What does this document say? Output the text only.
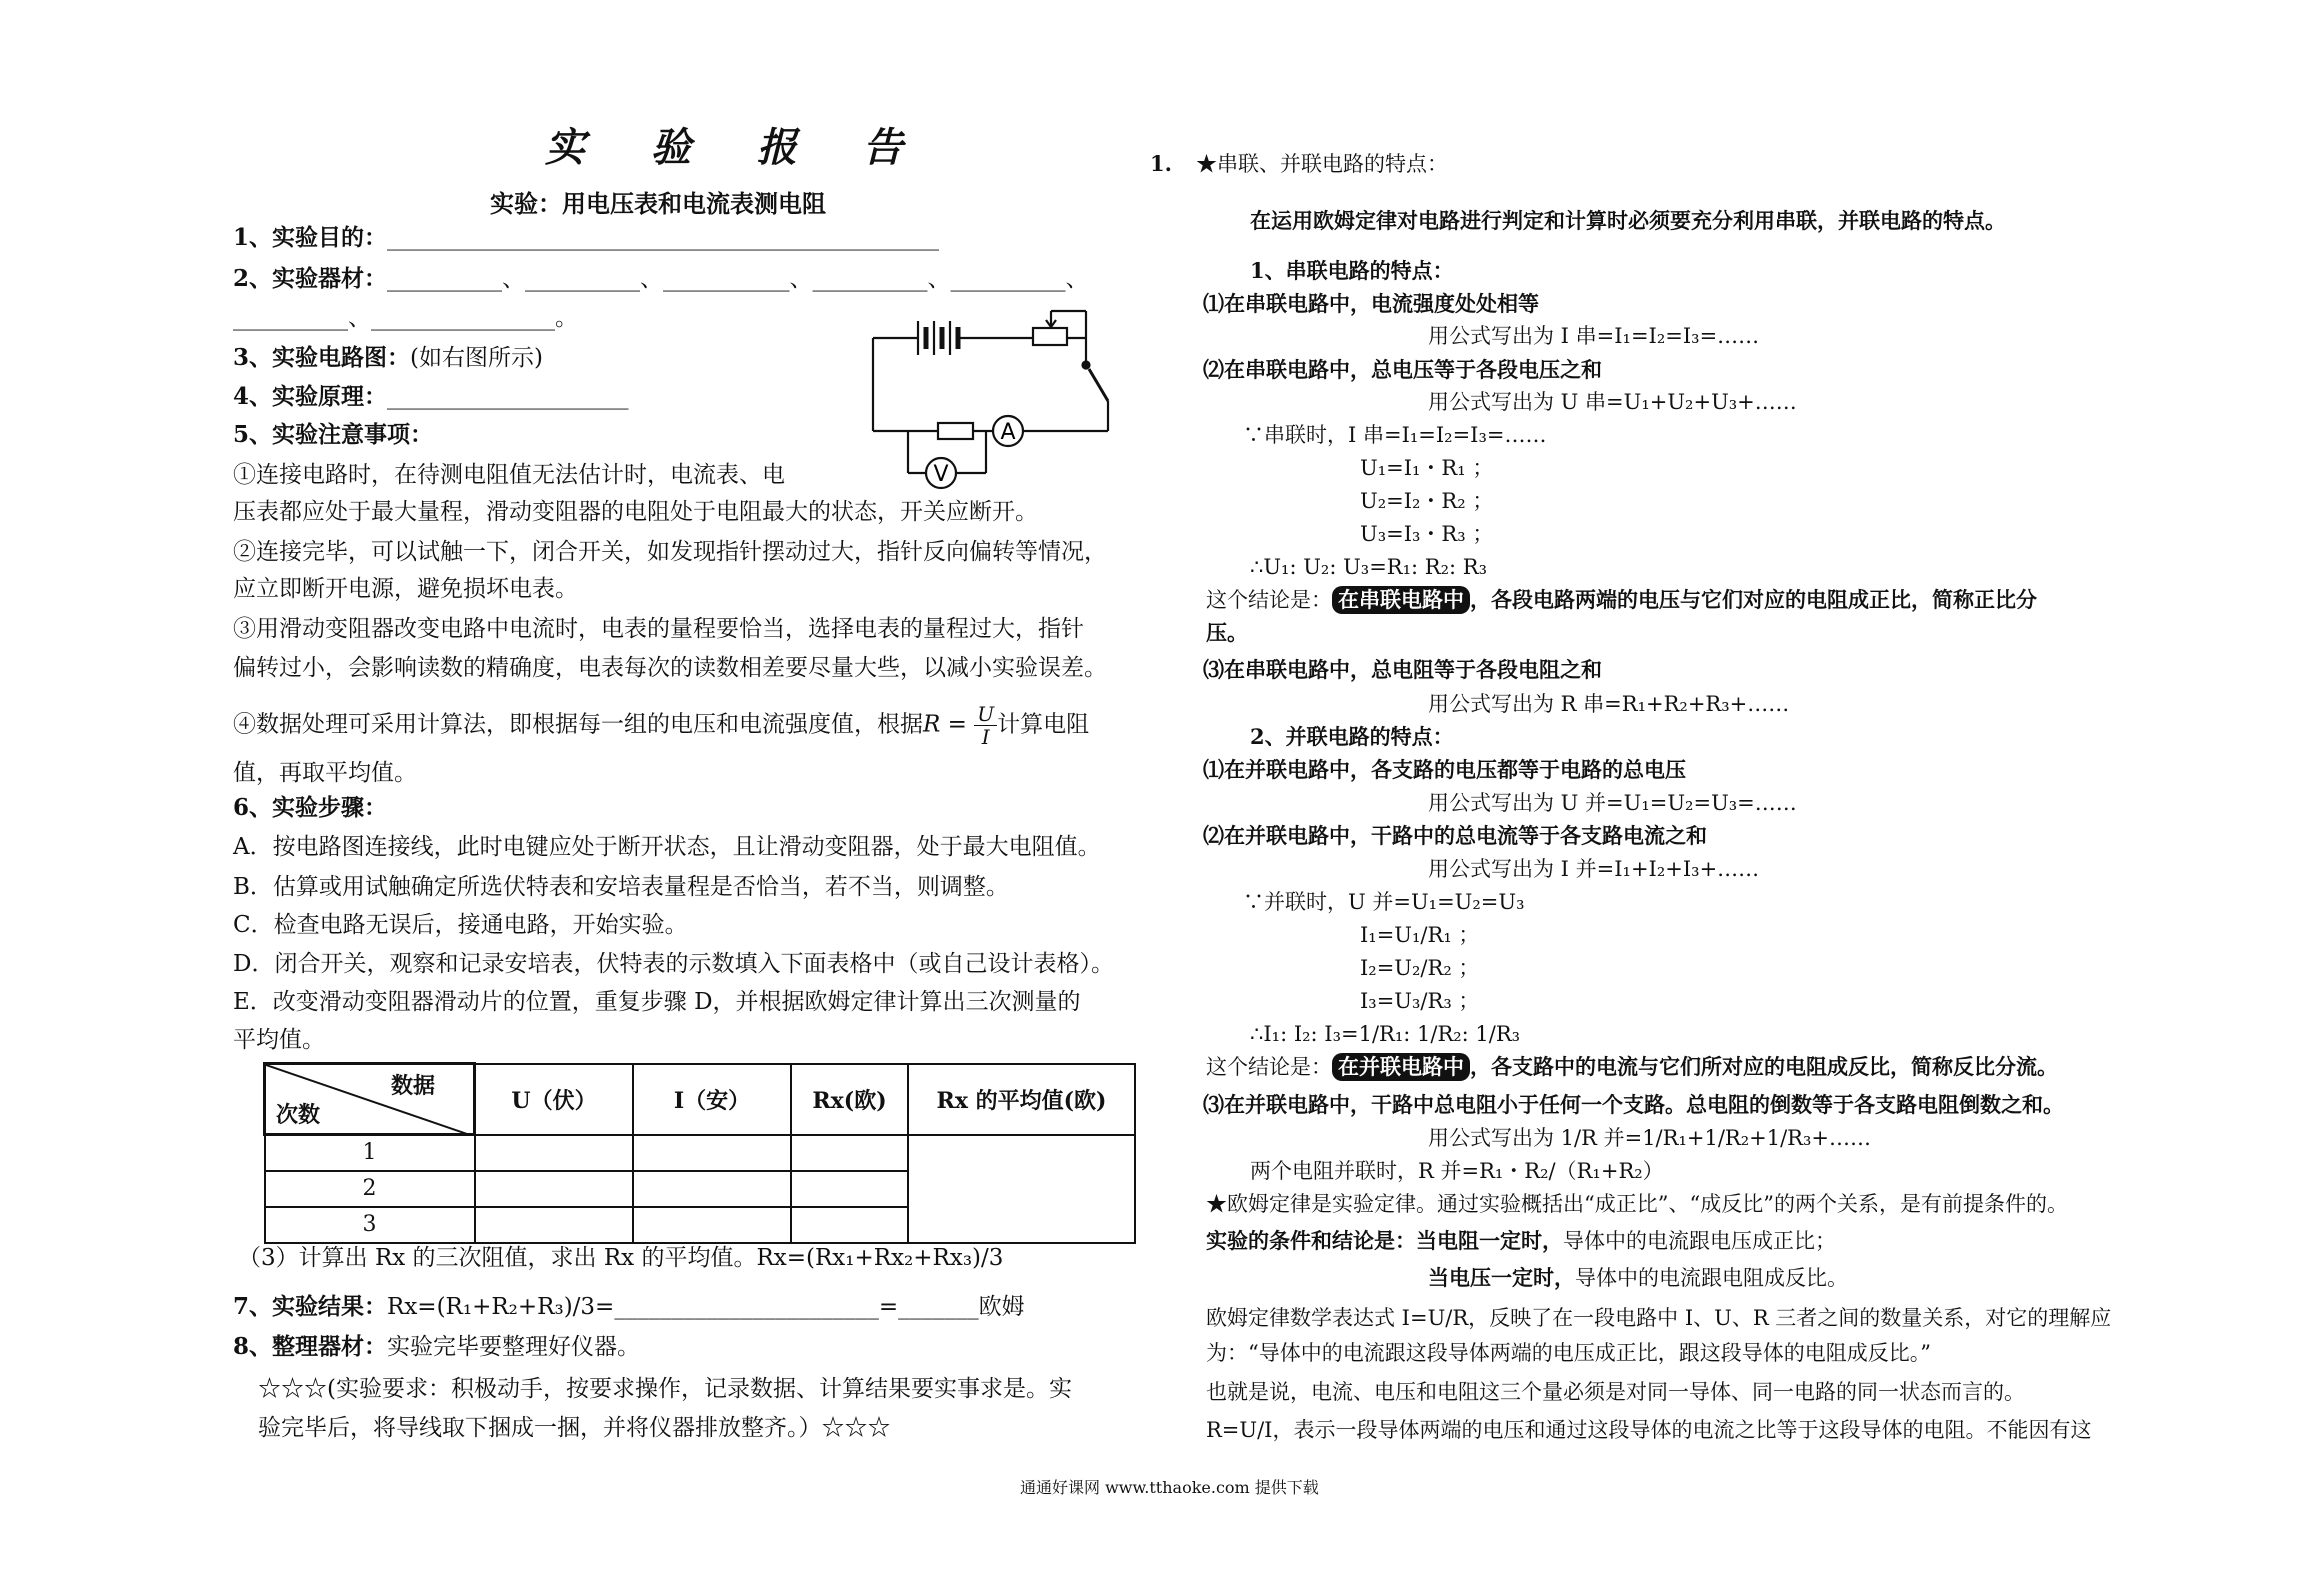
实 验 报 告
实验：用电压表和电流表测电阻
1、实验目的：________________________________________________
2、实验器材：__________、__________、___________、__________、__________、
__________、________________。
3、实验电路图：(如右图所示)
4、实验原理：_____________________
5、实验注意事项：	A
V
①连接电路时，在待测电阻值无法估计时，电流表、电
压表都应处于最大量程，滑动变阻器的电阻处于电阻最大的状态，开关应断开。
②连接完毕，可以试触一下，闭合开关，如发现指针摆动过大，指针反向偏转等情况，
应立即断开电源，避免损坏电表。
③用滑动变阻器改变电路中电流时，电表的量程要恰当，选择电表的量程过大，指针
偏转过小，会影响读数的精确度，电表每次的读数相差要尽量大些，以减小实验误差。
④数据处理可采用计算法，即根据每一组的电压和电流强度值，根据$R = \frac{U}{I}$ 计算电阻
值，再取平均值。
6、实验步骤：
A．按电路图连接线，此时电键应处于断开状态，且让滑动变阻器，处于最大电阻值。
B．估算或用试触确定所选伏特表和安培表量程是否恰当，若不当，则调整。
C．检查电路无误后，接通电路，开始实验。
D．闭合开关，观察和记录安培表，伏特表的示数填入下面表格中（或自己设计表格）。
E．改变滑动变阻器滑动片的位置，重复步骤 D，并根据欧姆定律计算出三次测量的
平均值。
数据
次数	U（伏）	I（安）	Rx(欧)	Rx 的平均值(欧)
1				
2				
3				
（3）计算出 Rx 的三次阻值，求出 Rx 的平均值。Rx=(Rx₁+Rx₂+Rx₃)/3
7、实验结果：Rx=(R₁+R₂+R₃)/3=_______________________=_______欧姆
8、整理器材：实验完毕要整理好仪器。
☆☆☆(实验要求：积极动手，按要求操作，记录数据、计算结果要实事求是。实
验完毕后，将导线取下捆成一捆，并将仪器排放整齐。）☆☆☆
1. ★串联、并联电路的特点：
在运用欧姆定律对电路进行判定和计算时必须要充分利用串联，并联电路的特点。
1、串联电路的特点：
⑴在串联电路中，电流强度处处相等
用公式写出为 I 串=I₁=I₂=I₃=……
⑵在串联电路中，总电压等于各段电压之和
用公式写出为 U 串=U₁+U₂+U₃+……
∵串联时，I 串=I₁=I₂=I₃=……
U₁=I₁・R₁ ；
U₂=I₂・R₂ ；
U₃=I₃・R₃ ；
∴U₁: U₂: U₃=R₁: R₂: R₃
这个结论是： 在串联电路中 ，各段电路两端的电压与它们对应的电阻成正比，简称正比分
压。
⑶在串联电路中，总电阻等于各段电阻之和
用公式写出为 R 串=R₁+R₂+R₃+……
2、并联电路的特点：
⑴在并联电路中，各支路的电压都等于电路的总电压
用公式写出为 U 并=U₁=U₂=U₃=……
⑵在并联电路中，干路中的总电流等于各支路电流之和
用公式写出为 I 并=I₁+I₂+I₃+……
∵并联时，U 并=U₁=U₂=U₃
I₁=U₁/R₁ ；
I₂=U₂/R₂ ；
I₃=U₃/R₃ ；
∴I₁: I₂: I₃=1/R₁: 1/R₂: 1/R₃
这个结论是： 在并联电路中 ，各支路中的电流与它们所对应的电阻成反比，简称反比分流。
⑶在并联电路中，干路中总电阻小于任何一个支路。总电阻的倒数等于各支路电阻倒数之和。
用公式写出为 1/R 并=1/R₁+1/R₂+1/R₃+……
两个电阻并联时，R 并=R₁・R₂/（R₁+R₂）
★欧姆定律是实验定律。通过实验概括出“成正比”、“成反比”的两个关系，是有前提条件的。
实验的条件和结论是：当电阻一定时，导体中的电流跟电压成正比；
当电压一定时，导体中的电流跟电阻成反比。
欧姆定律数学表达式 I=U/R，反映了在一段电路中 I、U、R 三者之间的数量关系，对它的理解应
为：“导体中的电流跟这段导体两端的电压成正比，跟这段导体的电阻成反比。”
也就是说，电流、电压和电阻这三个量必须是对同一导体、同一电路的同一状态而言的。
R=U/I，表示一段导体两端的电压和通过这段导体的电流之比等于这段导体的电阻。不能因有这
通通好课网 www.tthaoke.com 提供下载
